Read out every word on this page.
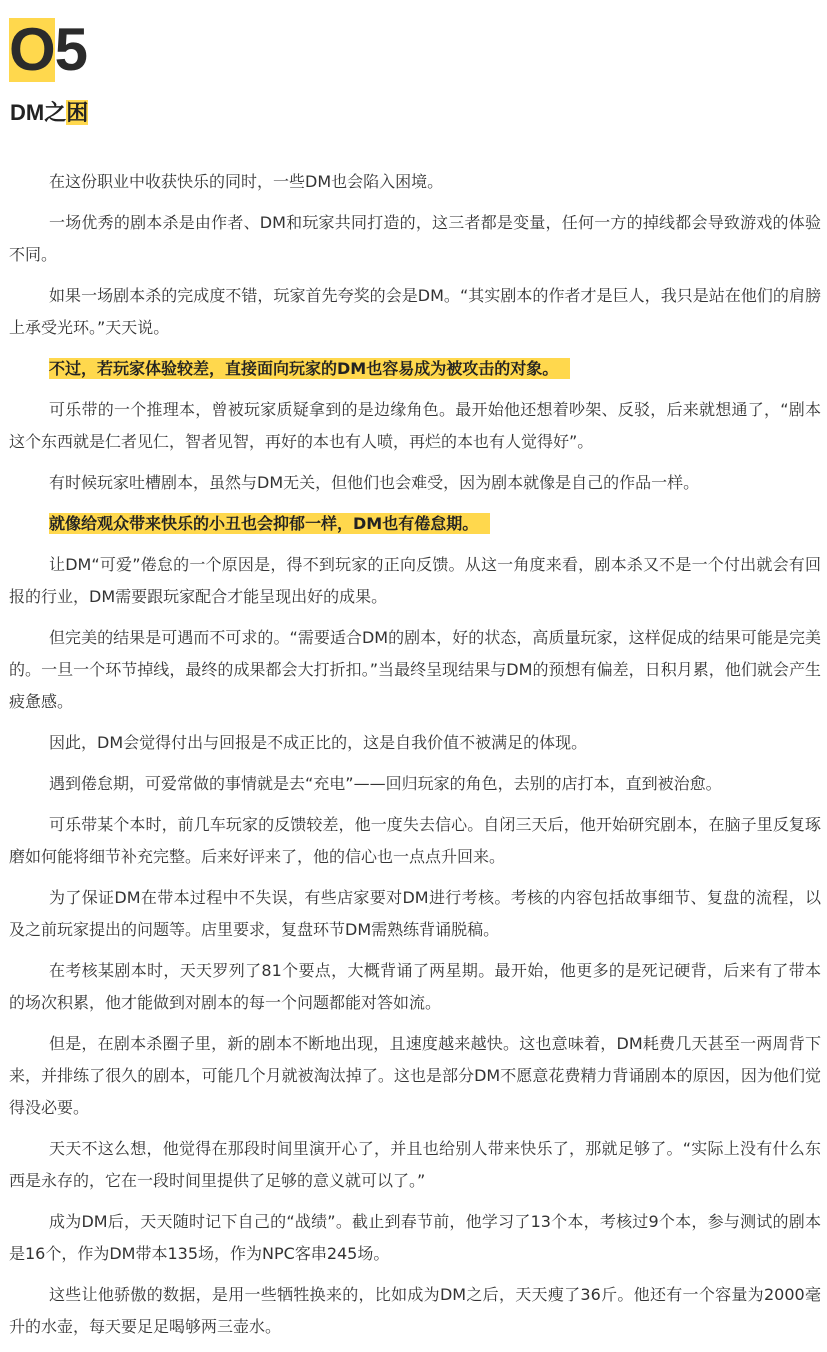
O5
DM之困

在这份职业中收获快乐的同时，一些DM也会陷入困境。

一场优秀的剧本杀是由作者、DM和玩家共同打造的，这三者都是变量，任何一方的掉线都会导致游戏的体验不同。

如果一场剧本杀的完成度不错，玩家首先夸奖的会是DM。“其实剧本的作者才是巨人，我只是站在他们的肩膀上承受光环。”天天说。

不过，若玩家体验较差，直接面向玩家的DM也容易成为被攻击的对象。

可乐带的一个推理本，曾被玩家质疑拿到的是边缘角色。最开始他还想着吵架、反驳，后来就想通了，“剧本这个东西就是仁者见仁，智者见智，再好的本也有人喷，再烂的本也有人觉得好”。

有时候玩家吐槽剧本，虽然与DM无关，但他们也会难受，因为剧本就像是自己的作品一样。

就像给观众带来快乐的小丑也会抑郁一样，DM也有倦怠期。

让DM“可爱”倦怠的一个原因是，得不到玩家的正向反馈。从这一角度来看，剧本杀又不是一个付出就会有回报的行业，DM需要跟玩家配合才能呈现出好的成果。

但完美的结果是可遇而不可求的。“需要适合DM的剧本，好的状态，高质量玩家，这样促成的结果可能是完美的。一旦一个环节掉线，最终的成果都会大打折扣。”当最终呈现结果与DM的预想有偏差，日积月累，他们就会产生疲惫感。

因此，DM会觉得付出与回报是不成正比的，这是自我价值不被满足的体现。

遇到倦怠期，可爱常做的事情就是去“充电”——回归玩家的角色，去别的店打本，直到被治愈。

可乐带某个本时，前几车玩家的反馈较差，他一度失去信心。自闭三天后，他开始研究剧本，在脑子里反复琢磨如何能将细节补充完整。后来好评来了，他的信心也一点点升回来。

为了保证DM在带本过程中不失误，有些店家要对DM进行考核。考核的内容包括故事细节、复盘的流程，以及之前玩家提出的问题等。店里要求，复盘环节DM需熟练背诵脱稿。

在考核某剧本时，天天罗列了81个要点，大概背诵了两星期。最开始，他更多的是死记硬背，后来有了带本的场次积累，他才能做到对剧本的每一个问题都能对答如流。

但是，在剧本杀圈子里，新的剧本不断地出现，且速度越来越快。这也意味着，DM耗费几天甚至一两周背下来，并排练了很久的剧本，可能几个月就被淘汰掉了。这也是部分DM不愿意花费精力背诵剧本的原因，因为他们觉得没必要。

天天不这么想，他觉得在那段时间里演开心了，并且也给别人带来快乐了，那就足够了。“实际上没有什么东西是永存的，它在一段时间里提供了足够的意义就可以了。”

成为DM后，天天随时记下自己的“战绩”。截止到春节前，他学习了13个本，考核过9个本，参与测试的剧本是16个，作为DM带本135场，作为NPC客串245场。

这些让他骄傲的数据，是用一些牺牲换来的，比如成为DM之后，天天瘦了36斤。他还有一个容量为2000毫升的水壶，每天要足足喝够两三壶水。
